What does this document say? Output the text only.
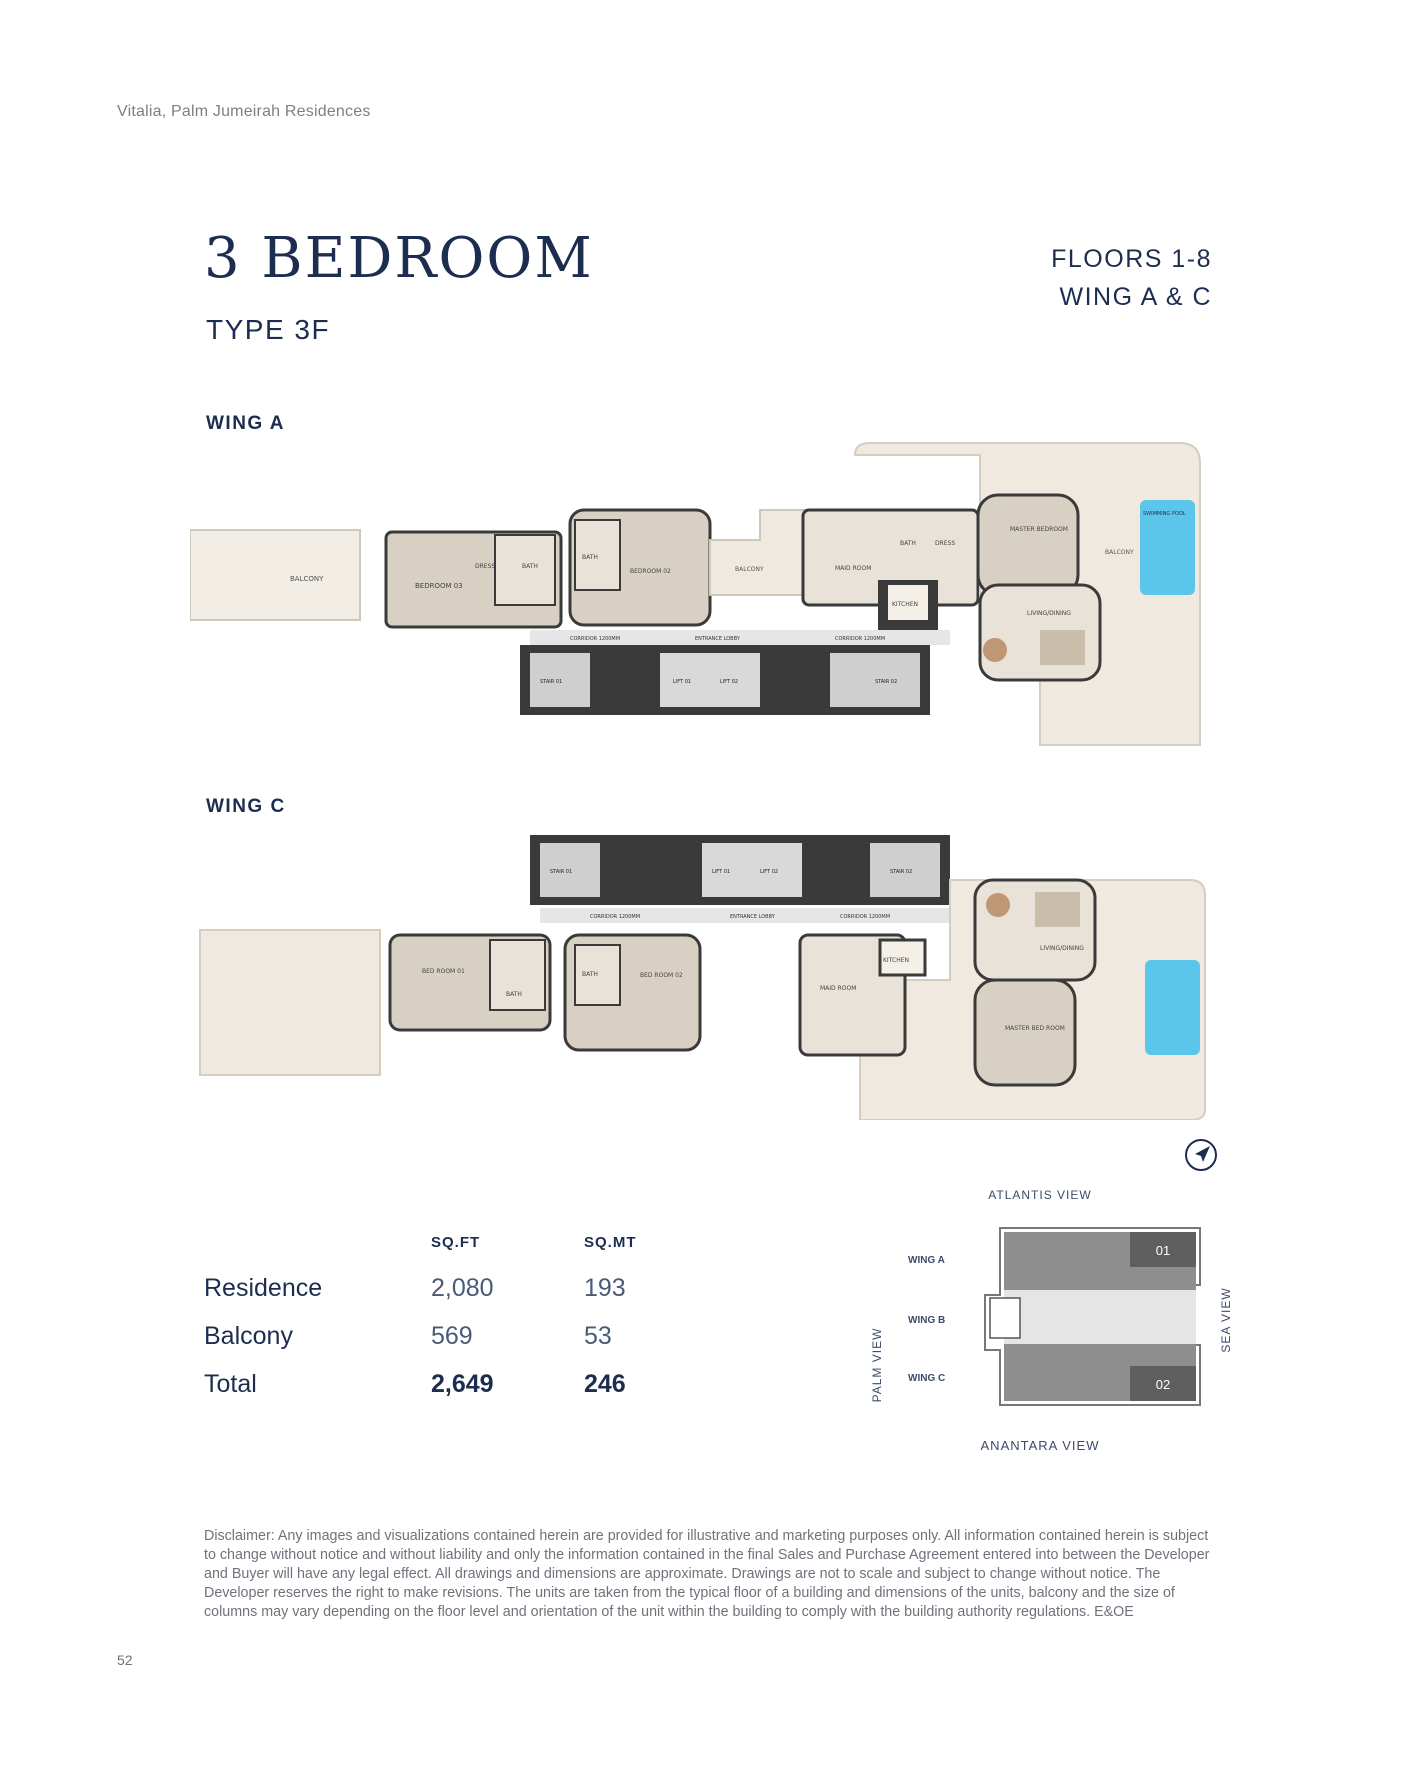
Vitalia, Palm Jumeirah Residences
3 BEDROOM
TYPE 3F
FLOORS 1-8
WING A & C
WING A
BALCONY
BEDROOM 03
DRESS	BATH
BATH
BEDROOM 02	BALCONY	MAID ROOM
BATH	DRESS
KITCHEN
MASTER BEDROOM
BALCONY
SWIMMING POOL
LIVING/DINING
STAIR 01	LIFT 01	LIFT 02	STAIR 02
CORRIDOR 1200MM	ENTRANCE LOBBY	CORRIDOR 1200MM
WING C
BED ROOM 01
BATH
BATH	BED ROOM 02
STAIR 01	LIFT 01	LIFT 02	STAIR 02
CORRIDOR 1200MM	ENTRANCE LOBBY	CORRIDOR 1200MM
MAID ROOM
KITCHEN
LIVING/DINING
MASTER BED ROOM
SQ.FT	SQ.MT
Residence	2,080	193
Balcony	569	53
Total	2,649	246
ATLANTIS VIEW
ANANTARA VIEW
PALM VIEW
SEA VIEW
WING A
WING B
WING C
01
02
Disclaimer: Any images and visualizations contained herein are provided for illustrative and marketing purposes only. All information contained herein is subject to change without notice and without liability and only the information contained in the final Sales and Purchase Agreement entered into between the Developer and Buyer will have any legal effect. All drawings and dimensions are approximate. Drawings are not to scale and subject to change without notice. The Developer reserves the right to make revisions. The units are taken from the typical floor of a building and dimensions of the units, balcony and the size of columns may vary depending on the floor level and orientation of the unit within the building to comply with the building authority regulations. E&OE
52
